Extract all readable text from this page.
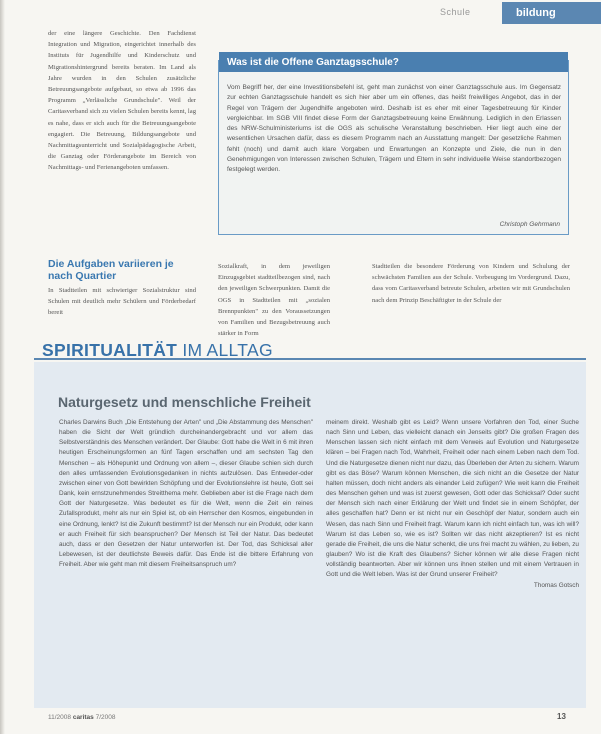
Schule	bildung
der eine längere Geschichte. Den Fachdienst Integration und Migration, eingerichtet innerhalb des Instituts für Jugendhilfe und Kinderschutz und Migrationshintergrund bereits beraten. Im Land als Jahre wurden in den Schulen zusätzliche Betreuungsangebote aufgebaut, so etwa ab 1996 das Programm „Verlässliche Grundschule". Weil der Caritasverband sich zu vielen Schulen bereits kennt, lag es nahe, dass er sich auch für die Betreuungsangebote engagiert. Die Betreuung, Bildungsangebote und Nachmittagsunterricht und Sozialpädagogische Arbeit, die Ganztag oder Förderangebote im Bereich von Nachmittags- und Ferienangeboten umfassen.
Die Aufgaben variieren je nach Quartier
In Stadtteilen mit schwieriger Sozialstruktur sind Schulen mit deutlich mehr Schülern und Förderbedarf bereit
Was ist die Offene Ganztagsschule?
Vom Begriff her, der eine Investitionsbefehl ist, geht man zunächst von einer Ganztagsschule aus. Im Gegensatz zur echten Ganztagsschule handelt es sich hier aber um ein offenes, das heißt freiwilliges Angebot, das in der Regel von Trägern der Jugendhilfe angeboten wird. Deshalb ist es eher mit einer Tagesbetreuung für Kinder vergleichbar. Im SGB VIII findet diese Form der Ganztagsbetreuung keine Erwähnung. Lediglich in den Erlassen des NRW-Schulministeriums ist die OGS als schulische Veranstaltung beschrieben. Hier liegt auch eine der wesentlichen Ursachen dafür, dass es diesem Programm nach an Ausstattung mangelt: Der gesetzliche Rahmen fehlt (noch) und damit auch klare Vorgaben und Erwartungen an Konzepte und Ziele, die nun in den Genehmigungen von Interessen zwischen Schulen, Trägern und Eltern in sehr individuelle Weise standortbezogen festgelegt werden.
Christoph Gehrmann
Sozialkraft, in dem jeweiligen Einzugsgebiet stadtteilbezogen sind, nach den jeweiligen Schwerpunkten. Damit die OGS in Stadtteilen mit „sozialen Brennpunkten" zu den Voraussetzungen von Familien und Bezugsbetreuung auch stärker in Form
Stadtteilen die besondere Förderung von Kindern und Schulung der schwächsten Familien aus der Schule. Vorbeugung im Vordergrund. Dazu, dass vom Caritasverband betreute Schulen, arbeiten wir mit Grundschulen nach dem Prinzip Beschäftigter in der Schule der
SPIRITUALITÄT IM ALLTAG
Naturgesetz und menschliche Freiheit
Charles Darwins Buch „Die Entstehung der Arten" und „Die Abstammung des Menschen" haben die Sicht der Welt gründlich durcheinandergebracht und vor allem das Selbstverständnis des Menschen verändert. Der Glaube: Gott habe die Welt in 6 mit ihren heutigen Erscheinungsformen an fünf Tagen erschaffen und am sechsten Tag den Menschen – als Höhepunkt und Ordnung von allem –, dieser Glaube schien sich durch den alles umfassenden Evolutionsgedanken in nichts aufzulösen. Das Entweder-oder zwischen einer von Gott bewirkten Schöpfung und der Evolutionslehre ist heute, Gott sei Dank, kein ernstzunehmendes Streitthema mehr. Geblieben aber ist die Frage nach dem Gott der Naturgesetze. Was bedeutet es für die Welt, wenn die Zeit ein reines Zufallsprodukt, mehr als nur ein Spiel ist, ob ein Herrscher den Kosmos, eingebunden in eine Ordnung, lenkt? Ist die Zukunft bestimmt? Ist der Mensch nur ein Produkt, oder kann er auch Freiheit für sich beanspruchen? Der Mensch ist Teil der Natur. Das bedeutet auch, dass er den Gesetzen der Natur unterworfen ist. Der Tod, das Schicksal aller Lebewesen, ist der deutlichste Beweis dafür. Das Ende ist die bittere Erfahrung von Freiheit. Aber wie geht man mit diesem Freiheitsanspruch um?
meinem direkt. Weshalb gibt es Leid? Wenn unsere Vorfahren den Tod, einer Suche nach Sinn und Leben, das vielleicht danach ein Jenseits gibt? Die großen Fragen des Menschen lassen sich nicht einfach mit dem Verweis auf Evolution und Naturgesetze klären – bei Fragen nach Tod, Wahrheit, Freiheit oder nach einem Leben nach dem Tod. Und die Naturgesetze dienen nicht nur dazu, das Überleben der Arten zu sichern. Warum gibt es das Böse? Warum können Menschen, die sich nicht an die Gesetze der Natur halten müssen, doch nicht anders als einander Leid zufügen? Wie weit kann die Freiheit des Menschen gehen und was ist zuerst gewesen, Gott oder das Schicksal? Oder sucht der Mensch sich nach einer Erklärung der Welt und findet sie in einem Schöpfer, der alles geschaffen hat? Denn er ist nicht nur ein Geschöpf der Natur, sondern auch ein Wesen, das nach Sinn und Freiheit fragt. Warum kann ich nicht einfach tun, was ich will? Warum ist das Leben so, wie es ist? Sollten wir das nicht akzeptieren? Ist es nicht gerade die Freiheit, die uns die Natur schenkt, die uns frei macht zu wählen, zu lieben, zu glauben? Wo ist die Kraft des Glaubens? Sicher können wir alle diese Fragen nicht vollständig beantworten. Aber wir können uns ihnen stellen und mit einem Vertrauen in Gott und die Welt leben. Was ist der Grund unserer Freiheit?
Thomas Gotsch
11/2008 caritas 7/2008	13
